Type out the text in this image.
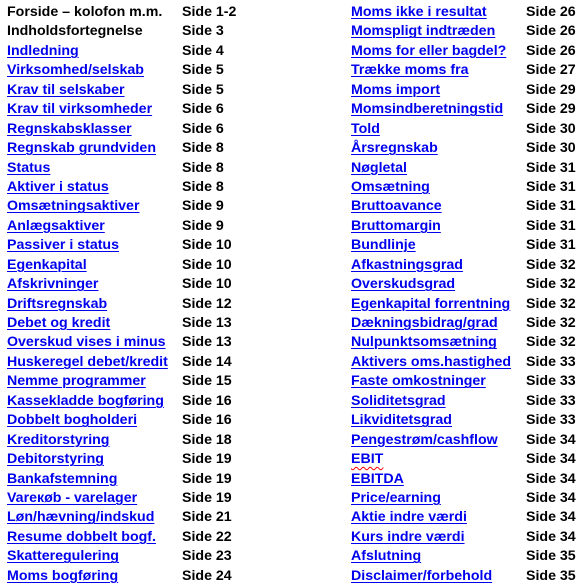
Forside – kolofon m.m. Side 1-2
Indholdsfortegnelse	Side 3
Indledning	Side 4
Virksomhed/selskab	Side 5
Krav til selskaber	Side 5
Krav til virksomheder Side 6
Regnskabsklasser	Side 6
Regnskab grundviden Side 8
Status	Side 8
Aktiver i status	Side 8
Omsætningsaktiver	Side 9
Anlægsaktiver	Side 9
Passiver i status	Side 10
Egenkapital	Side 10
Afskrivninger	Side 10
Driftsregnskab	Side 12
Debet og kredit	Side 13
Overskud vises i minus Side 13
Huskeregel debet/kredit Side 14
Nemme programmer	Side 15
Kassekladde bogføring Side 16
Dobbelt bogholderi	Side 16
Kreditorstyring	Side 18
Debitorstyring	Side 19
Bankafstemning	Side 19
Vareкøb - varelager	Side 19
Løn/hævning/indskud Side 21
Resume dobbelt bogf. Side 22
Skatteregulering	Side 23
Moms bogføring	Side 24
Moms ikke i resultat	Side 26
Momspligt indtræden Side 26
Moms for eller bagdel? Side 26
Trække moms fra	Side 27
Moms import	Side 29
Momsindberetningstid Side 29
Told	Side 30
Årsregnskab	Side 30
Nøgletal	Side 31
Omsætning	Side 31
Bruttoavance	Side 31
Bruttomargin	Side 31
Bundlinje	Side 31
Afkastningsgrad	Side 32
Overskudsgrad	Side 32
Egenkapital forrentning Side 32
Dækningsbidrag/grad Side 32
Nulpunktsomsætning Side 32
Aktivers oms.hastighed Side 33
Faste omkostninger	Side 33
Soliditetsgrad	Side 33
Likviditetsgrad	Side 33
Pengestrøm/cashflow Side 34
EBIT	Side 34
EBITDA	Side 34
Price/earning	Side 34
Aktie indre værdi	Side 34
Kurs indre værdi	Side 34
Afslutning	Side 35
Disclaimer/forbehold Side 35
